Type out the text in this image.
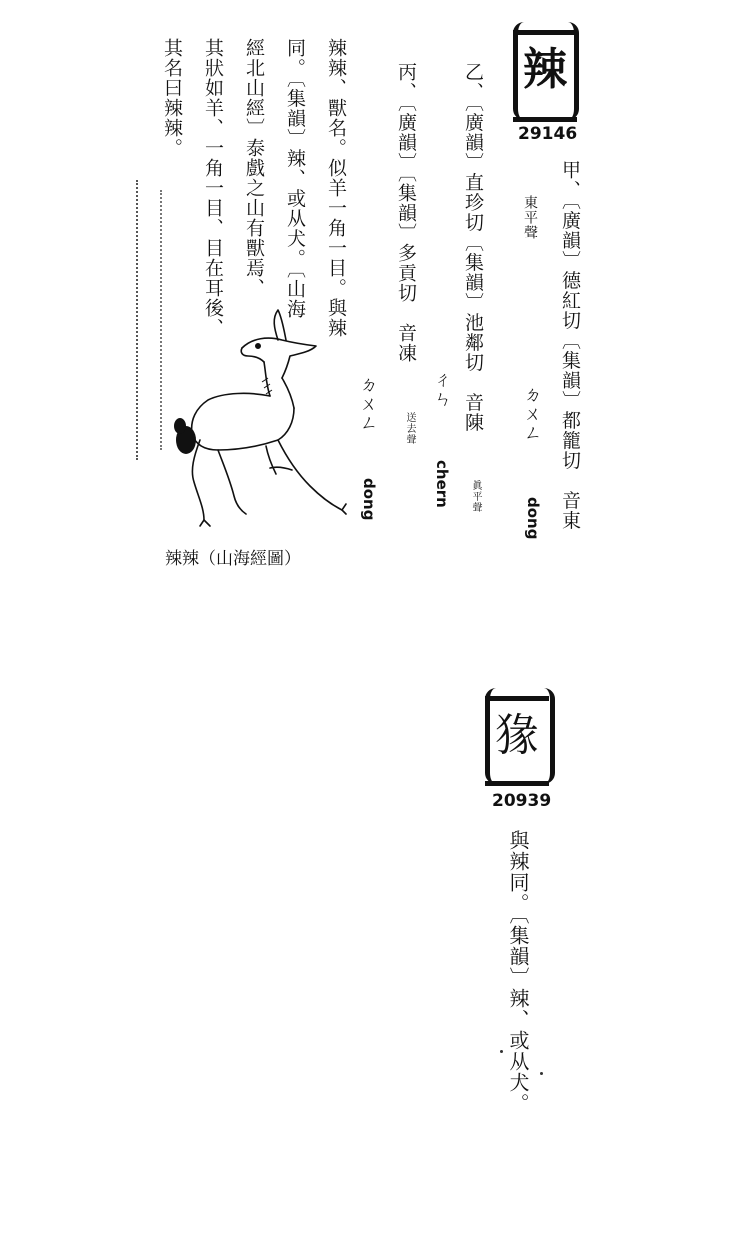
辣
29146
甲、〔廣韻〕德紅切〔集韻〕都籠切　音東
東平聲
ㄉㄨㄥ
dong
乙、〔廣韻〕直珍切〔集韻〕池鄰切　音陳
眞平聲
ㄔㄣ
chern
丙、〔廣韻〕〔集韻〕多貢切　音凍
送去聲
ㄉㄨㄥ
dong
辣辣、獸名。似羊一角一目。與辣
同。〔集韻〕辣、或从犬。〔山海
經北山經〕泰戲之山有獸焉、
其狀如羊、一角一目、目在耳後、
其名曰辣辣。
辣辣（山海經圖）
猭
20939
與辣同。〔集韻〕辣、或从犬。
